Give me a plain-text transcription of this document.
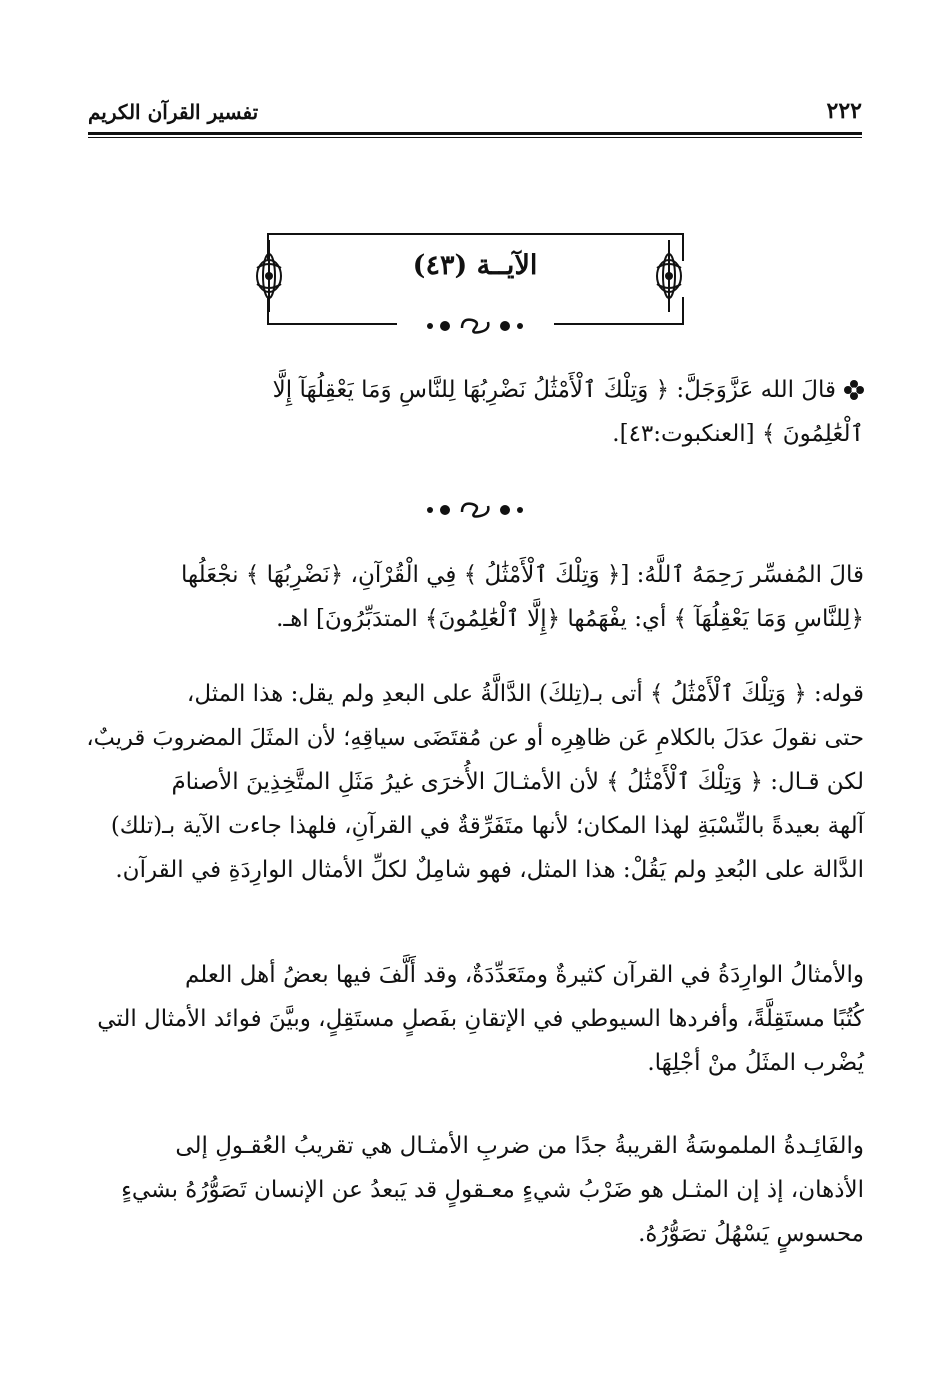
٢٢٢
تفسير القرآن الكريم
الآيــة (٤٣)
قالَ الله عَزَّوَجَلَّ: ﴿ وَتِلْكَ ٱلْأَمْثَٰلُ نَضْرِبُهَا لِلنَّاسِ وَمَا يَعْقِلُهَآ إِلَّا
ٱلْعَٰلِمُونَ ﴾ [العنكبوت:٤٣].
قالَ المُفسِّر رَحِمَهُ ٱللَّهُ: [﴿ وَتِلْكَ ٱلْأَمْثَٰلُ ﴾ فِي الْقُرْآنِ، ﴿نَضْرِبُهَا ﴾ نجْعَلُها
﴿لِلنَّاسِ وَمَا يَعْقِلُهَآ ﴾ أي: يفْهَمُها ﴿إِلَّا ٱلْعَٰلِمُونَ﴾ المتدَبِّرُونَ] اهـ.
قوله: ﴿ وَتِلْكَ ٱلْأَمْثَٰلُ ﴾ أتى بـ(تِلكَ) الدَّالَّةُ على البعدِ ولم يقل: هذا المثل،
حتى نقولَ عدَلَ بالكلامِ عَن ظاهِرِه أو عن مُقتَضَى سياقِهِ؛ لأن المثَلَ المضروبَ قريبٌ،
لكن قـال: ﴿ وَتِلْكَ ٱلْأَمْثَٰلُ ﴾ لأن الأمثـالَ الأُخرَى غيرُ مَثَلِ المتَّخِذِينَ الأصنامَ
آلهة بعيدةً بالنِّسْبَةِ لهذا المكان؛ لأنها متَفَرِّقةٌ في القرآنِ، فلهذا جاءت الآية بـ(تلك)
الدَّالة على البُعدِ ولم يَقُلْ: هذا المثل، فهو شامِلٌ لكلِّ الأمثال الوارِدَةِ في القرآن.
والأمثالُ الوارِدَةُ في القرآن كثيرةٌ ومتَعَدِّدَةٌ، وقد أَلَّفَ فيها بعضُ أهل العلم
كُتُبًا مستَقِلَّةً، وأفردها السيوطي في الإتقانِ بفَصلٍ مستَقِلٍ، وبيَّنَ فوائد الأمثال التي
يُضْرب المثَلُ منْ أجْلِهَا.
والفَائِـدةُ الملموسَةُ القريبةُ جدًا من ضربِ الأمثـال هي تقريبُ العُقـولِ إلى
الأذهان، إذ إن المثـل هو ضَرْبُ شيءٍ معـقولٍ قد يَبعدُ عن الإنسان تَصَوُّرُهُ بشيءٍ
محسوسٍ يَسْهُلُ تصَوُّرُهُ.
